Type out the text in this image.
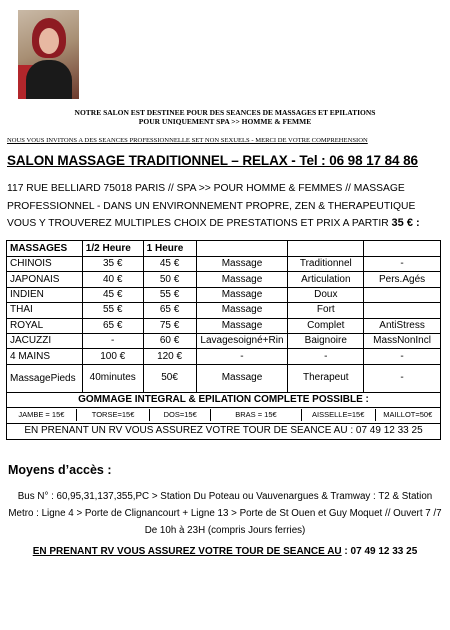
NOTRE SALON EST DESTINEE POUR DES SEANCES DE MASSAGES ET EPILATIONS
POUR UNIQUEMENT SPA >> HOMME & FEMME
NOUS VOUS INVITONS A DES SEANCES PROFESSIONNELLE SET NON SEXUELS - MERCI DE VOTRE COMPREHENSION
SALON MASSAGE TRADITIONNEL – RELAX - Tel : 06 98 17 84 86
117 RUE BELLIARD 75018 PARIS // SPA >> POUR HOMME & FEMMES // MASSAGE PROFESSIONNEL - DANS UN ENVIRONNEMENT PROPRE, ZEN & THERAPEUTIQUE VOUS Y TROUVEREZ MULTIPLES CHOIX DE PRESTATIONS ET PRIX A PARTIR 35 € :
MASSAGES	1/2 Heure	1 Heure			
CHINOIS	35 €	45 €	Massage	Traditionnel	-
JAPONAIS	40 €	50 €	Massage	Articulation	Pers.Agés
INDIEN	45 €	55 €	Massage	Doux	
THAI	55 €	65 €	Massage	Fort	
ROYAL	65 €	75 €	Massage	Complet	AntiStress
JACUZZI	-	60 €	Lavagesoigné+Rin	Baignoire	MassNonIncl
4 MAINS	100 €	120 €	-	-	-
MassagePieds	40minutes	50€	Massage	Therapeut	-
GOMMAGE INTEGRAL & EPILATION COMPLETE POSSIBLE :

JAMBE = 15€	TORSE=15€	DOS=15€	BRAS = 15€	AISSELLE=15€	MAILLOT=50€

EN PRENANT UN RV VOUS ASSUREZ VOTRE TOUR DE SEANCE AU : 07 49 12 33 25
Moyens d’accès :
Bus N° : 60,95,31,137,355,PC > Station Du Poteau ou Vauvenargues & Tramway : T2 & Station Metro : Ligne 4 > Porte de Clignancourt + Ligne 13 > Porte de St Ouen et Guy Moquet // Ouvert 7 /7 De 10h à 23H (compris Jours ferries)
EN PRENANT RV VOUS ASSUREZ VOTRE TOUR DE SEANCE AU : 07 49 12 33 25
